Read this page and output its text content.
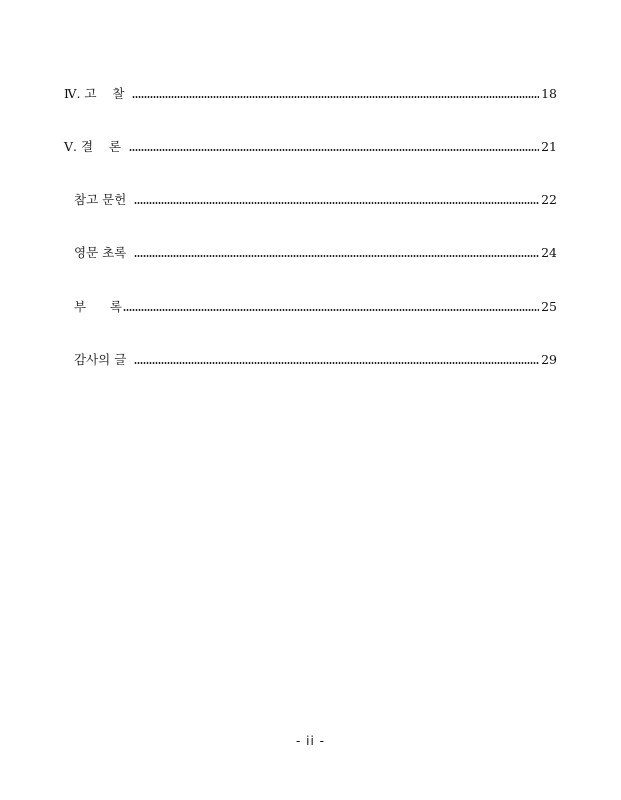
Ⅳ. 고    찰	18
Ⅴ. 결    론	21
참고 문헌	22
영문 초록	24
부      록	25
감사의 글	29
- ii -
